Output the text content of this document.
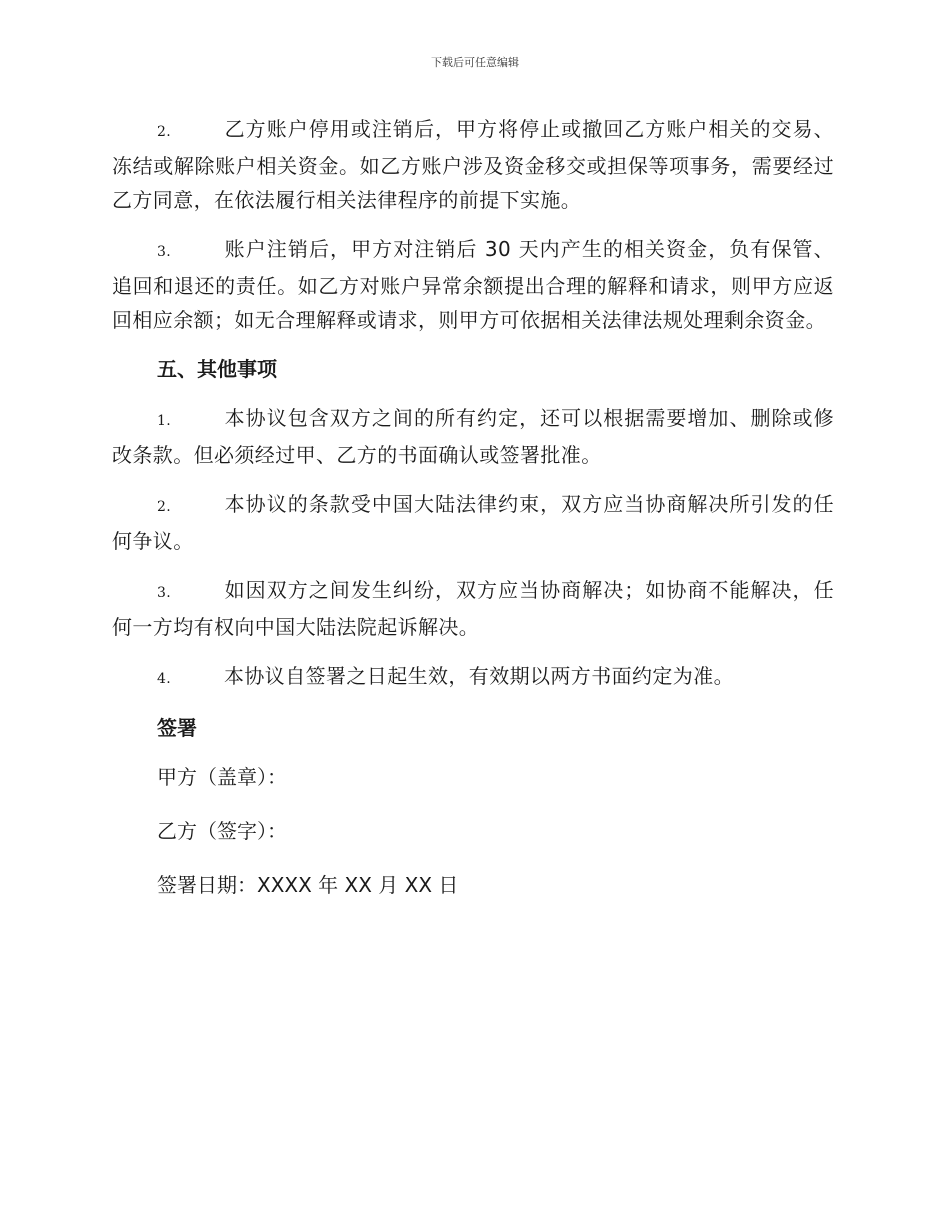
下载后可任意编辑

2.	乙方账户停用或注销后，甲方将停止或撤回乙方账户相关的交易、冻结或解除账户相关资金。如乙方账户涉及资金移交或担保等项事务，需要经过乙方同意，在依法履行相关法律程序的前提下实施。

3.	账户注销后，甲方对注销后 30 天内产生的相关资金，负有保管、追回和退还的责任。如乙方对账户异常余额提出合理的解释和请求，则甲方应返回相应余额；如无合理解释或请求，则甲方可依据相关法律法规处理剩余资金。

五、其他事项

1.	本协议包含双方之间的所有约定，还可以根据需要增加、删除或修改条款。但必须经过甲、乙方的书面确认或签署批准。

2.	本协议的条款受中国大陆法律约束，双方应当协商解决所引发的任何争议。

3.	如因双方之间发生纠纷，双方应当协商解决；如协商不能解决，任何一方均有权向中国大陆法院起诉解决。

4.	本协议自签署之日起生效，有效期以两方书面约定为准。

签署
甲方（盖章）：
乙方（签字）：
签署日期：XXXX 年 XX 月 XX 日
